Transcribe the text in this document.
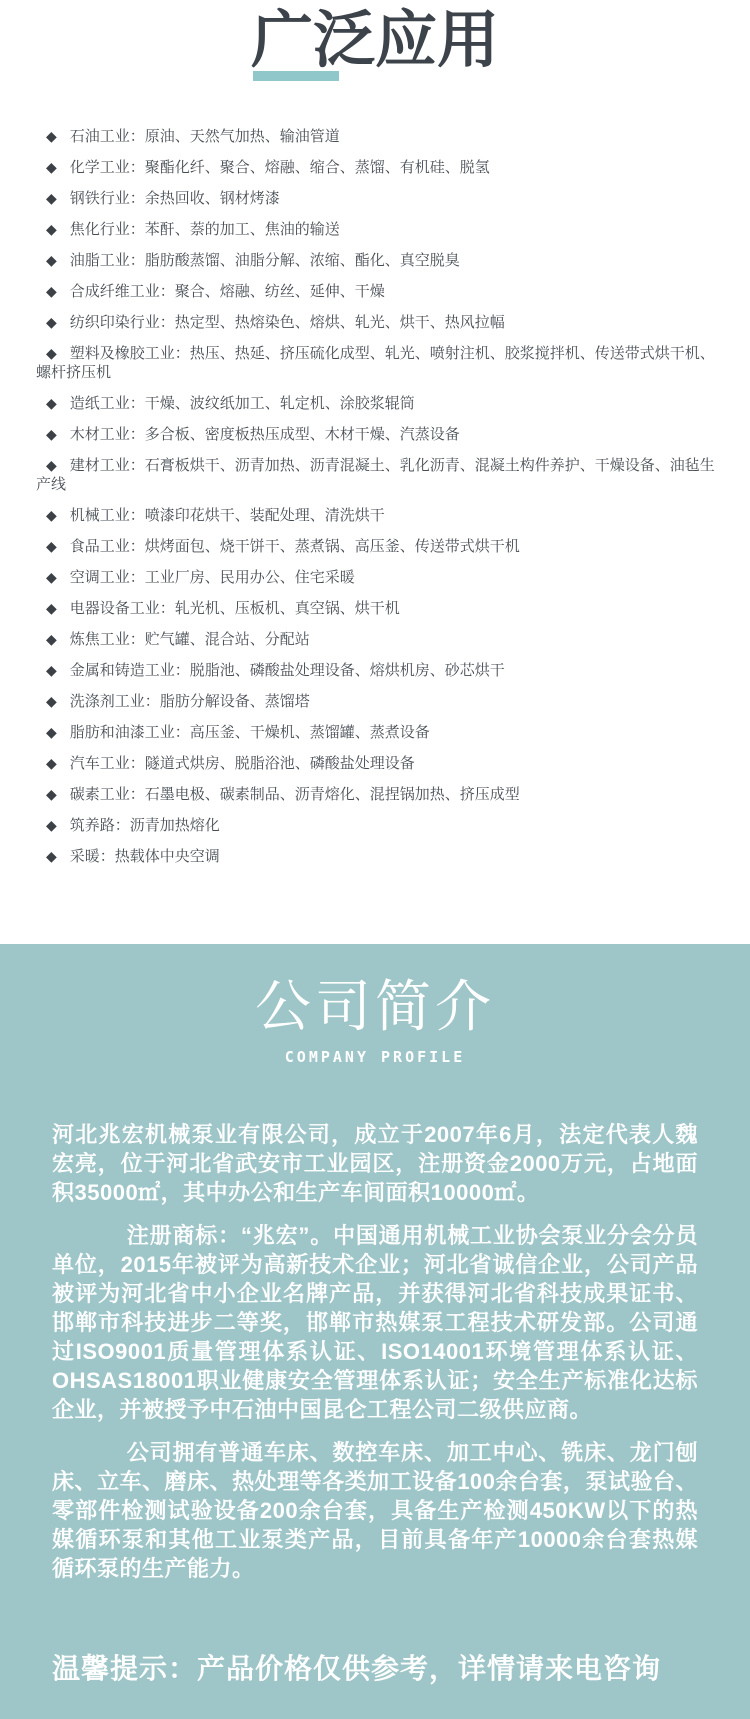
广泛应用
◆ 石油工业：原油、天然气加热、输油管道
◆ 化学工业：聚酯化纤、聚合、熔融、缩合、蒸馏、有机硅、脱氢
◆ 钢铁行业：余热回收、钢材烤漆
◆ 焦化行业：苯酐、萘的加工、焦油的输送
◆ 油脂工业：脂肪酸蒸馏、油脂分解、浓缩、酯化、真空脱臭
◆ 合成纤维工业：聚合、熔融、纺丝、延伸、干燥
◆ 纺织印染行业：热定型、热熔染色、熔烘、轧光、烘干、热风拉幅
◆ 塑料及橡胶工业：热压、热延、挤压硫化成型、轧光、喷射注机、胶浆搅拌机、传送带式烘干机、螺杆挤压机
◆ 造纸工业：干燥、波纹纸加工、轧定机、涂胶浆辊筒
◆ 木材工业：多合板、密度板热压成型、木材干燥、汽蒸设备
◆ 建材工业：石膏板烘干、沥青加热、沥青混凝土、乳化沥青、混凝土构件养护、干燥设备、油毡生产线
◆ 机械工业：喷漆印花烘干、装配处理、清洗烘干
◆ 食品工业：烘烤面包、烧干饼干、蒸煮锅、高压釜、传送带式烘干机
◆ 空调工业：工业厂房、民用办公、住宅采暖
◆ 电器设备工业：轧光机、压板机、真空锅、烘干机
◆ 炼焦工业：贮气罐、混合站、分配站
◆ 金属和铸造工业：脱脂池、磷酸盐处理设备、熔烘机房、砂芯烘干
◆ 洗涤剂工业：脂肪分解设备、蒸馏塔
◆ 脂肪和油漆工业：高压釜、干燥机、蒸馏罐、蒸煮设备
◆ 汽车工业：隧道式烘房、脱脂浴池、磷酸盐处理设备
◆ 碳素工业：石墨电极、碳素制品、沥青熔化、混捏锅加热、挤压成型
◆ 筑养路：沥青加热熔化
◆ 采暖：热载体中央空调
公司简介
COMPANY PROFILE

河北兆宏机械泵业有限公司，成立于2007年6月，法定代表人魏宏亮，位于河北省武安市工业园区，注册资金2000万元，占地面积35000㎡，其中办公和生产车间面积10000㎡。

注册商标：“兆宏”。中国通用机械工业协会泵业分会分员单位，2015年被评为高新技术企业；河北省诚信企业，公司产品被评为河北省中小企业名牌产品，并获得河北省科技成果证书、邯郸市科技进步二等奖，邯郸市热媒泵工程技术研发部。公司通过ISO9001质量管理体系认证、ISO14001环境管理体系认证、OHSAS18001职业健康安全管理体系认证；安全生产标准化达标企业，并被授予中石油中国昆仑工程公司二级供应商。

公司拥有普通车床、数控车床、加工中心、铣床、龙门刨床、立车、磨床、热处理等各类加工设备100余台套，泵试验台、零部件检测试验设备200余台套，具备生产检测450KW以下的热媒循环泵和其他工业泵类产品，目前具备年产10000余台套热媒循环泵的生产能力。

温馨提示：产品价格仅供参考，详情请来电咨询
